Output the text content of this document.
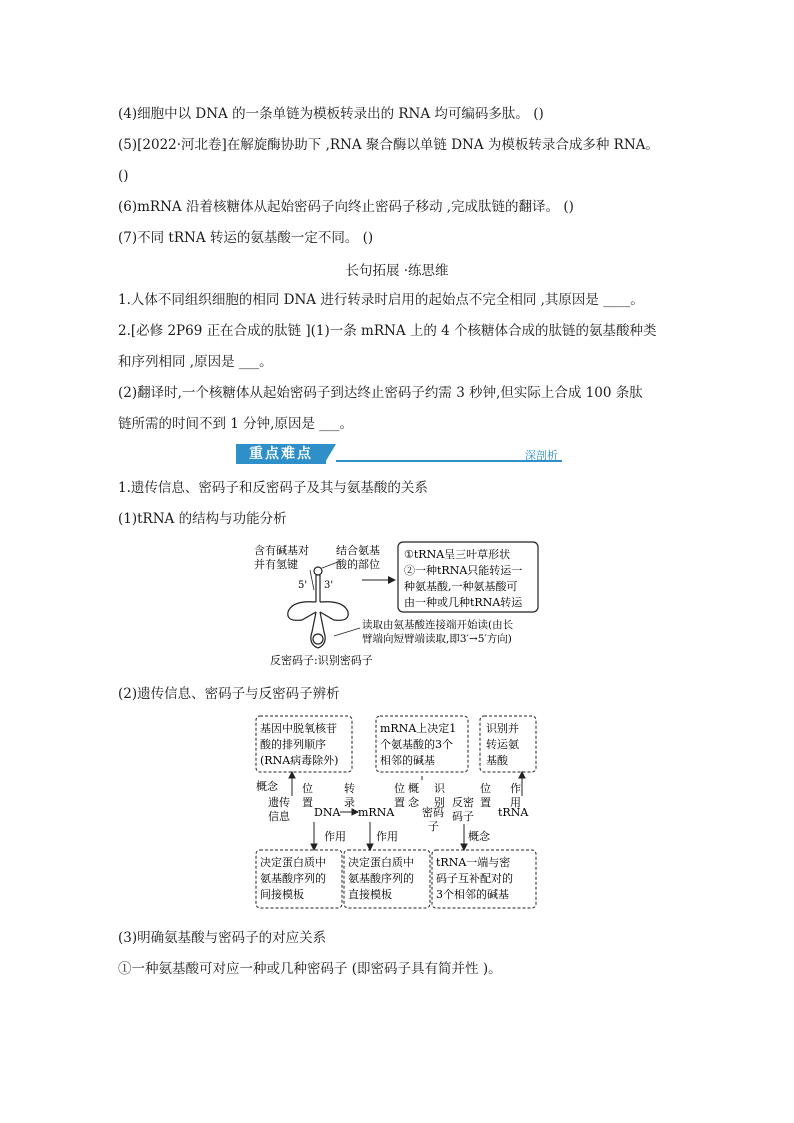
(4)细胞中以 DNA 的一条单链为模板转录出的 RNA 均可编码多肽。 ()
(5)[2022·河北卷]在解旋酶协助下 ,RNA 聚合酶以单链 DNA 为模板转录合成多种 RNA。
()
(6)mRNA 沿着核糖体从起始密码子向终止密码子移动 ,完成肽链的翻译。 ()
(7)不同 tRNA 转运的氨基酸一定不同。 ()
长句拓展 ·练思维
1.人体不同组织细胞的相同 DNA 进行转录时启用的起始点不完全相同 ,其原因是 ____。
2.[必修 2P69 正在合成的肽链 ](1)一条 mRNA 上的 4 个核糖体合成的肽链的氨基酸种类
和序列相同 ,原因是 ___。
(2)翻译时,一个核糖体从起始密码子到达终止密码子约需 3 秒钟,但实际上合成 100 条肽
链所需的时间不到 1 分钟,原因是 ___。
重点难点	深剖析
1.遗传信息、密码子和反密码子及其与氨基酸的关系
(1)tRNA 的结构与功能分析
含有碱基对
并有氢键
结合氨基
酸的部位
5' 3'
①tRNA呈三叶草形状
②一种tRNA只能转运一
种氨基酸,一种氨基酸可
由一种或几种tRNA转运
读取由氨基酸连接端开始读(由长
臂端向短臂端读取,即3′→5′方向)
反密码子:识别密码子
(2)遗传信息、密码子与反密码子辨析
基因中脱氧核苷
酸的排列顺序
(RNA病毒除外)
mRNA上决定1
个氨基酸的3个
相邻的碱基
识别并
转运氨
基酸
决定蛋白质中
氨基酸序列的
间接模板
决定蛋白质中
氨基酸序列的
直接模板
tRNA一端与密
码子互补配对的
3个相邻的碱基
概念
遗传
信息
位
置
DNA
转
录
mRNA
位
置
概
念
密码
子
识
别 反密
码子
位
置
tRNA
作
用
作用	作用	概念
(3)明确氨基酸与密码子的对应关系
①一种氨基酸可对应一种或几种密码子 (即密码子具有简并性 )。
